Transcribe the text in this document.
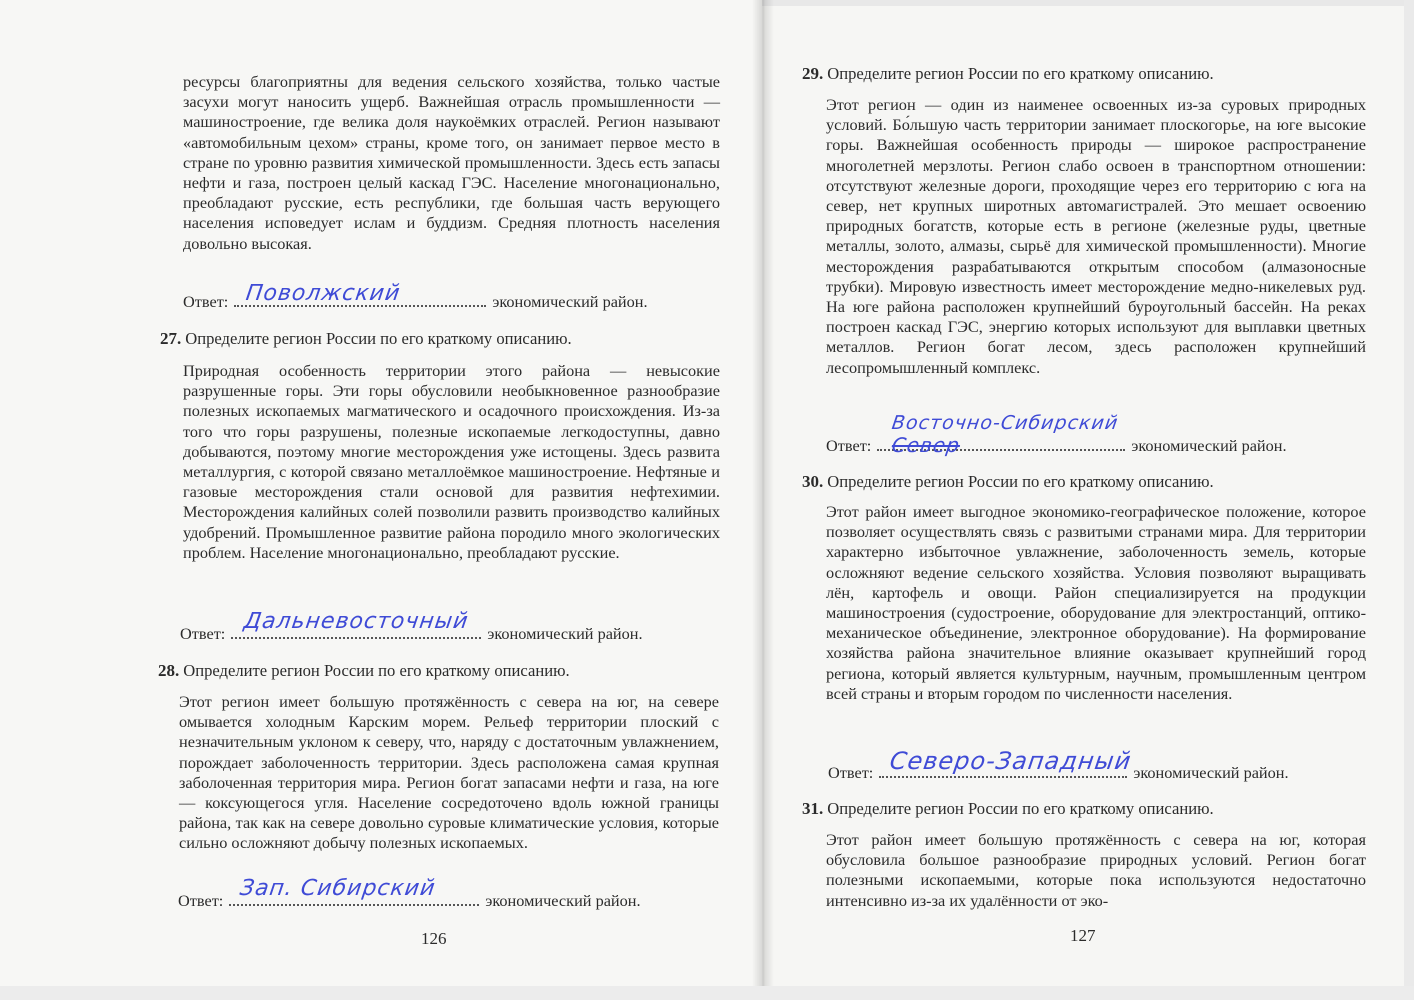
ресурсы благоприятны для ведения сельского хозяйства, только частые засухи могут наносить ущерб. Важнейшая отрасль промышленности — машиностроение, где велика доля наукоёмких отраслей. Регион называют «автомобильным цехом» страны, кроме того, он занимает первое место в стране по уровню развития химической промышленности. Здесь есть запасы нефти и газа, построен целый каскад ГЭС. Население многонационально, преобладают русские, есть республики, где большая часть верующего населения исповедует ислам и буддизм. Средняя плотность населения довольно высокая.

Ответ:	экономический район.
Поволжский
27. Определите регион России по его краткому описанию.

Природная особенность территории этого района — невысокие разрушенные горы. Эти горы обусловили необыкновенное разнообразие полезных ископаемых магматического и осадочного происхождения. Из-за того что горы разрушены, полезные ископаемые легкодоступны, давно добываются, поэтому многие месторождения уже истощены. Здесь развита металлургия, с которой связано металлоёмкое машиностроение. Нефтяные и газовые месторождения стали основой для развития нефтехимии. Месторождения калийных солей позволили развить производство калийных удобрений. Промышленное развитие района породило много экологических проблем. Население многонационально, преобладают русские.

Ответ:	экономический район.
Дальневосточный
28. Определите регион России по его краткому описанию.

Этот регион имеет большую протяжённость с севера на юг, на севере омывается холодным Карским морем. Рельеф территории плоский с незначительным уклоном к северу, что, наряду с достаточным увлажнением, порождает заболоченность территории. Здесь расположена самая крупная заболоченная территория мира. Регион богат запасами нефти и газа, на юге — коксующегося угля. Население сосредоточено вдоль южной границы района, так как на севере довольно суровые климатические условия, которые сильно осложняют добычу полезных ископаемых.

Ответ:	экономический район.
Зап. Сибирский
126
29. Определите регион России по его краткому описанию.

Этот регион — один из наименее освоенных из-за суровых природных условий. Бо́льшую часть территории занимает плоскогорье, на юге высокие горы. Важнейшая особенность природы — широкое распространение многолетней мерзлоты. Регион слабо освоен в транспортном отношении: отсутствуют железные дороги, проходящие через его территорию с юга на север, нет крупных широтных автомагистралей. Это мешает освоению природных богатств, которые есть в регионе (железные руды, цветные металлы, золото, алмазы, сырьё для химической промышленности). Многие месторождения разрабатываются открытым способом (алмазоносные трубки). Мировую известность имеет месторождение медно-никелевых руд. На юге района расположен крупнейший буроугольный бассейн. На реках построен каскад ГЭС, энергию которых используют для выплавки цветных металлов. Регион богат лесом, здесь расположен крупнейший лесопромышленный комплекс.

Ответ:	экономический район.
Восточно-Сибирский
Север
30. Определите регион России по его краткому описанию.

Этот район имеет выгодное экономико-географическое положение, которое позволяет осуществлять связь с развитыми странами мира. Для территории характерно избыточное увлажнение, заболоченность земель, которые осложняют ведение сельского хозяйства. Условия позволяют выращивать лён, картофель и овощи. Район специализируется на продукции машиностроения (судостроение, оборудование для электростанций, оптико-механическое объединение, электронное оборудование). На формирование хозяйства района значительное влияние оказывает крупнейший город региона, который является культурным, научным, промышленным центром всей страны и вторым городом по численности населения.

Ответ:	экономический район.
Северо-Западный
31. Определите регион России по его краткому описанию.

Этот район имеет большую протяжённость с севера на юг, которая обусловила большое разнообразие природных условий. Регион богат полезными ископаемыми, которые пока используются недостаточно интенсивно из-за их удалённости от эко-

127
